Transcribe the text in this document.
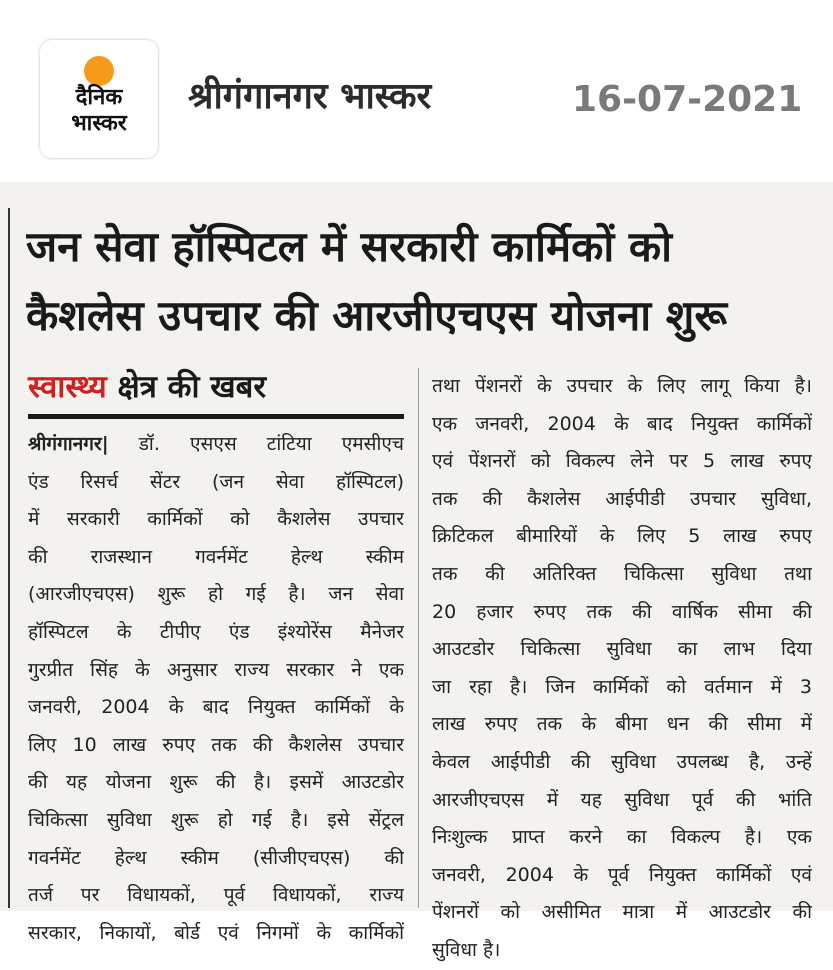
दैनिक
भास्कर
श्रीगंगानगर भास्कर	16-07-2021
जन सेवा हॉस्पिटल में सरकारी कार्मिकों को
कैशलेस उपचार की आरजीएचएस योजना शुरू
स्वास्थ्य क्षेत्र की खबर
श्रीगंगानगर| डॉ. एसएस टांटिया एमसीएच
एंड रिसर्च सेंटर (जन सेवा हॉस्पिटल)
में सरकारी कार्मिकों को कैशलेस उपचार
की राजस्थान गवर्नमेंट हेल्थ स्कीम
(आरजीएचएस) शुरू हो गई है। जन सेवा
हॉस्पिटल के टीपीए एंड इंश्योरेंस मैनेजर
गुरप्रीत सिंह के अनुसार राज्य सरकार ने एक
जनवरी, 2004 के बाद नियुक्त कार्मिकों के
लिए 10 लाख रुपए तक की कैशलेस उपचार
की यह योजना शुरू की है। इसमें आउटडोर
चिकित्सा सुविधा शुरू हो गई है। इसे सेंट्रल
गवर्नमेंट हेल्थ स्कीम (सीजीएचएस) की
तर्ज पर विधायकों, पूर्व विधायकों, राज्य
सरकार, निकायों, बोर्ड एवं निगमों के कार्मिकों
तथा पेंशनरों के उपचार के लिए लागू किया है।
एक जनवरी, 2004 के बाद नियुक्त कार्मिकों
एवं पेंशनरों को विकल्प लेने पर 5 लाख रुपए
तक की कैशलेस आईपीडी उपचार सुविधा,
क्रिटिकल बीमारियों के लिए 5 लाख रुपए
तक की अतिरिक्त चिकित्सा सुविधा तथा
20 हजार रुपए तक की वार्षिक सीमा की
आउटडोर चिकित्सा सुविधा का लाभ दिया
जा रहा है। जिन कार्मिकों को वर्तमान में 3
लाख रुपए तक के बीमा धन की सीमा में
केवल आईपीडी की सुविधा उपलब्ध है, उन्हें
आरजीएचएस में यह सुविधा पूर्व की भांति
निःशुल्क प्राप्त करने का विकल्प है। एक
जनवरी, 2004 के पूर्व नियुक्त कार्मिकों एवं
पेंशनरों को असीमित मात्रा में आउटडोर की
सुविधा है।
